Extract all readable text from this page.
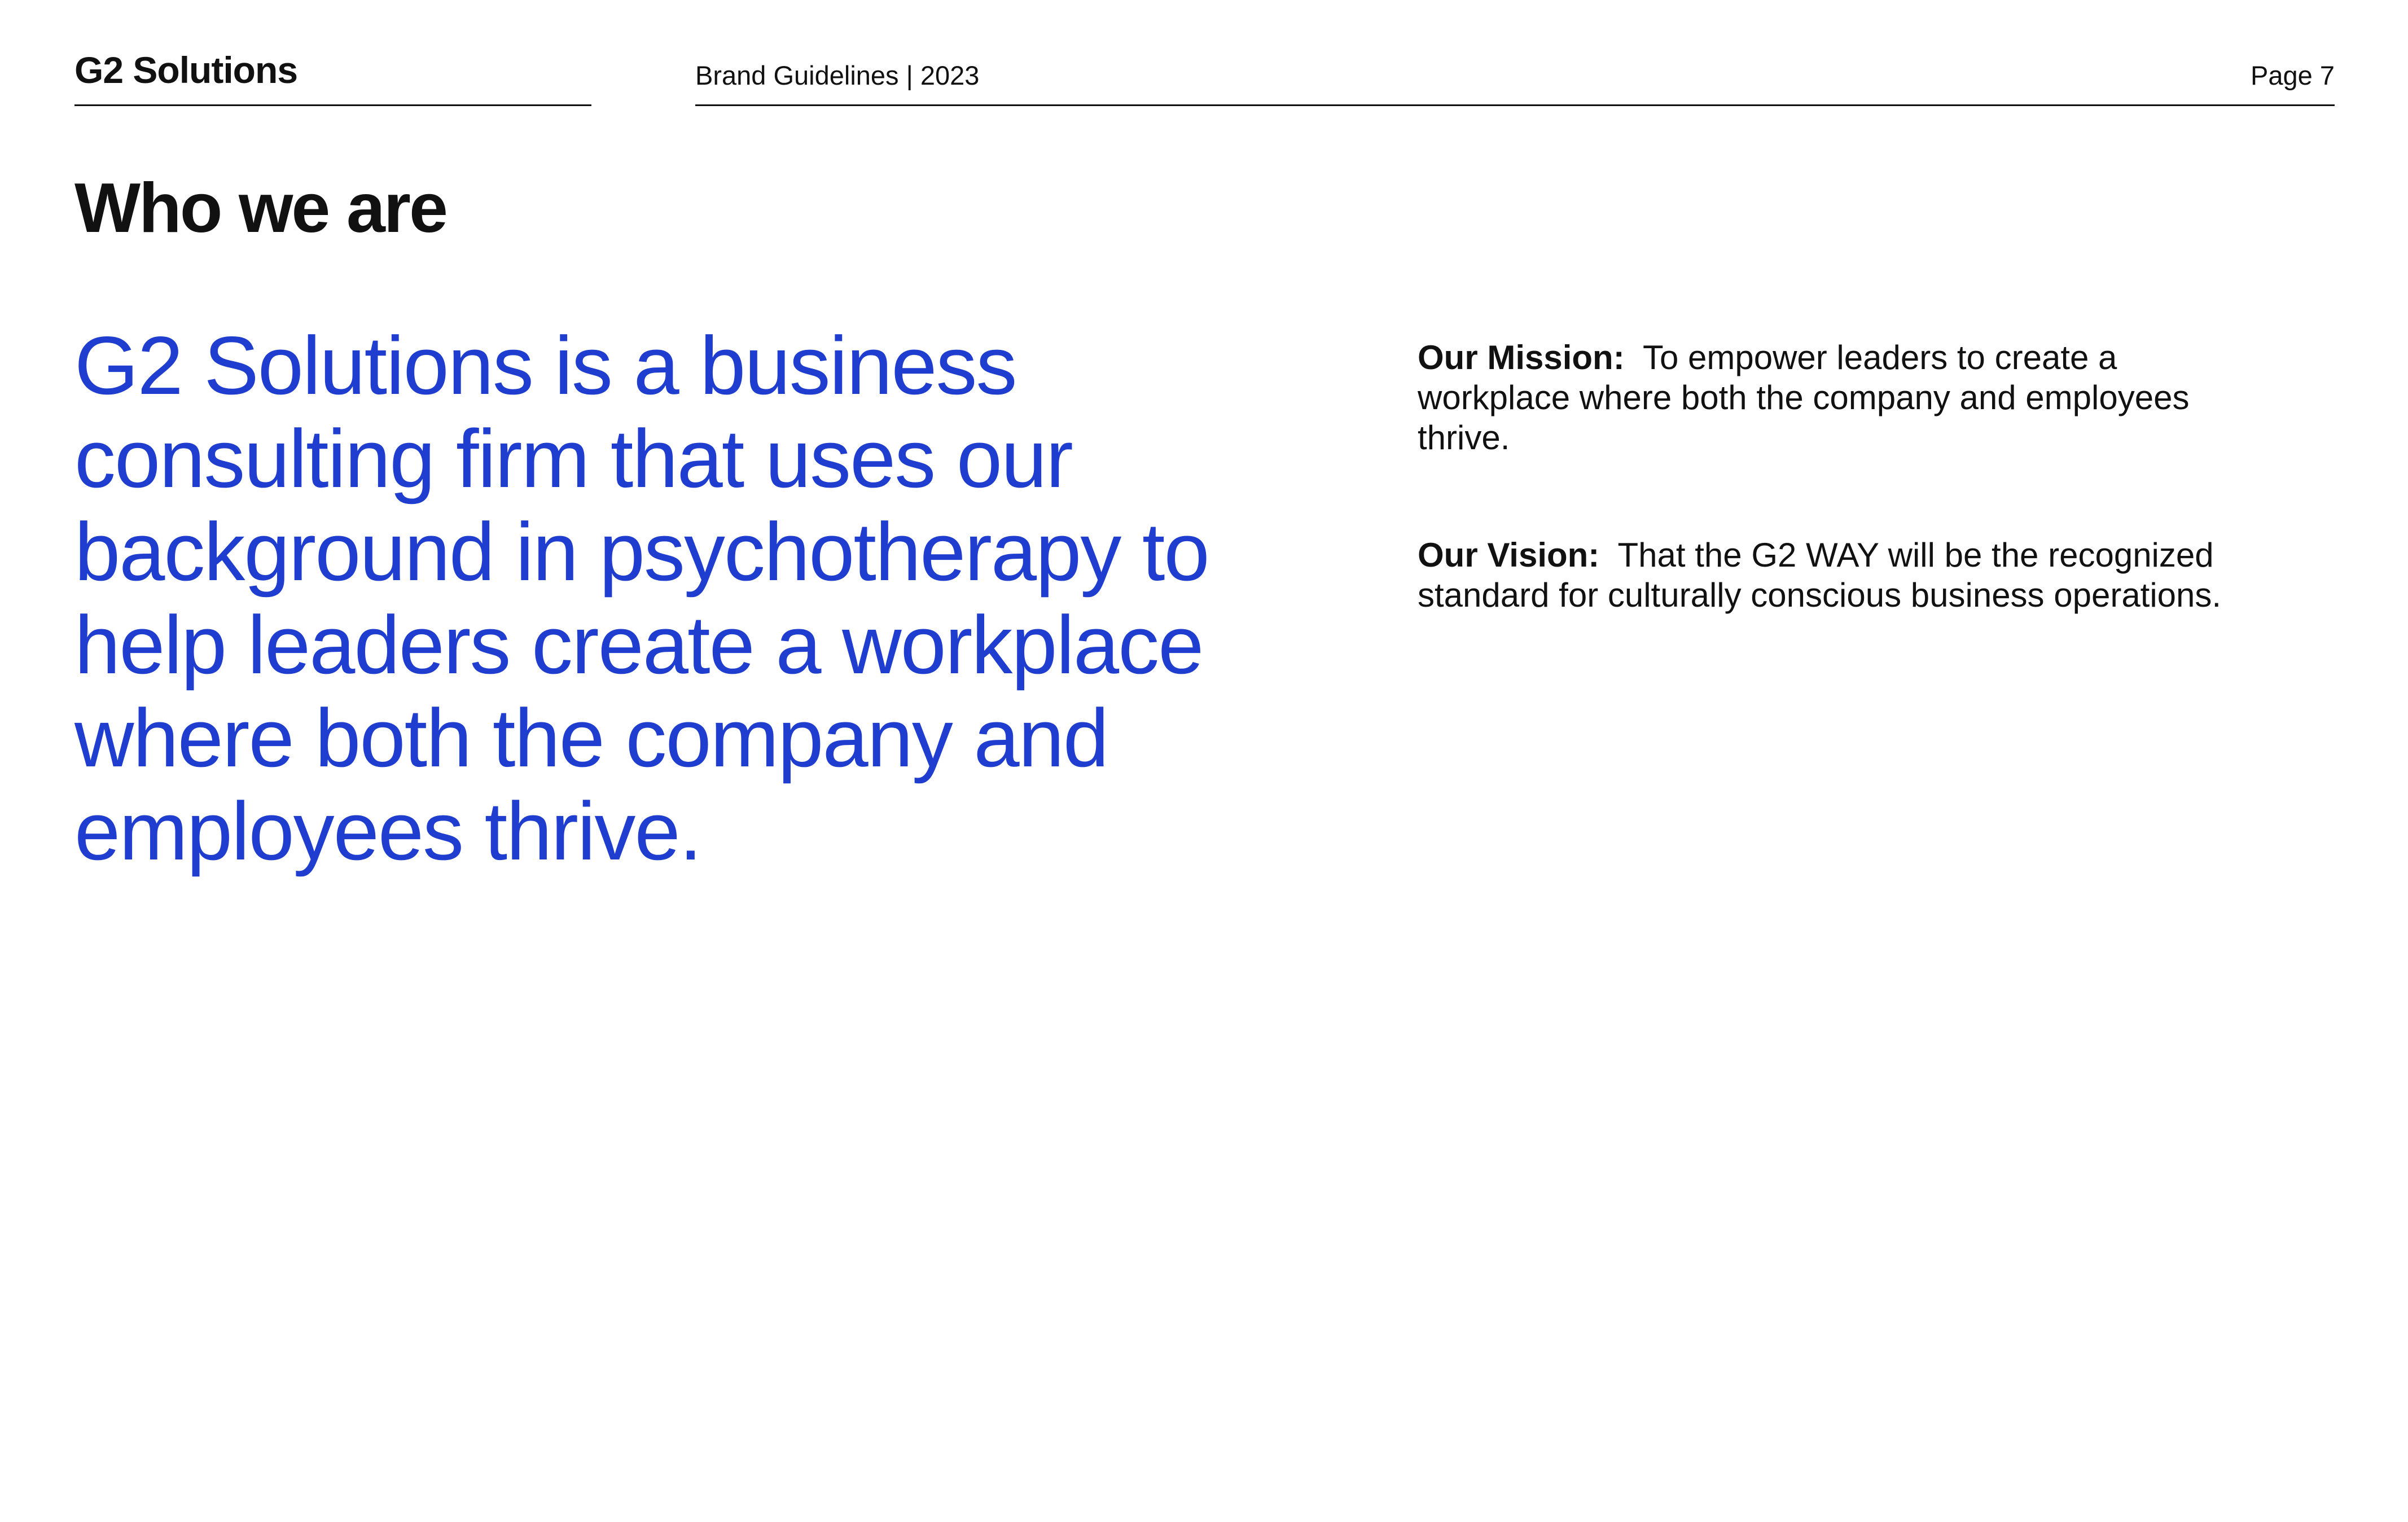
G2 Solutions	Brand Guidelines | 2023	Page 7
Who we are

G2 Solutions is a business consulting firm that uses our background in psychotherapy to help leaders create a workplace where both the company and employees thrive.

Our Mission: To empower leaders to create a workplace where both the company and employees thrive.

Our Vision: That the G2 WAY will be the recognized standard for culturally conscious business operations.
